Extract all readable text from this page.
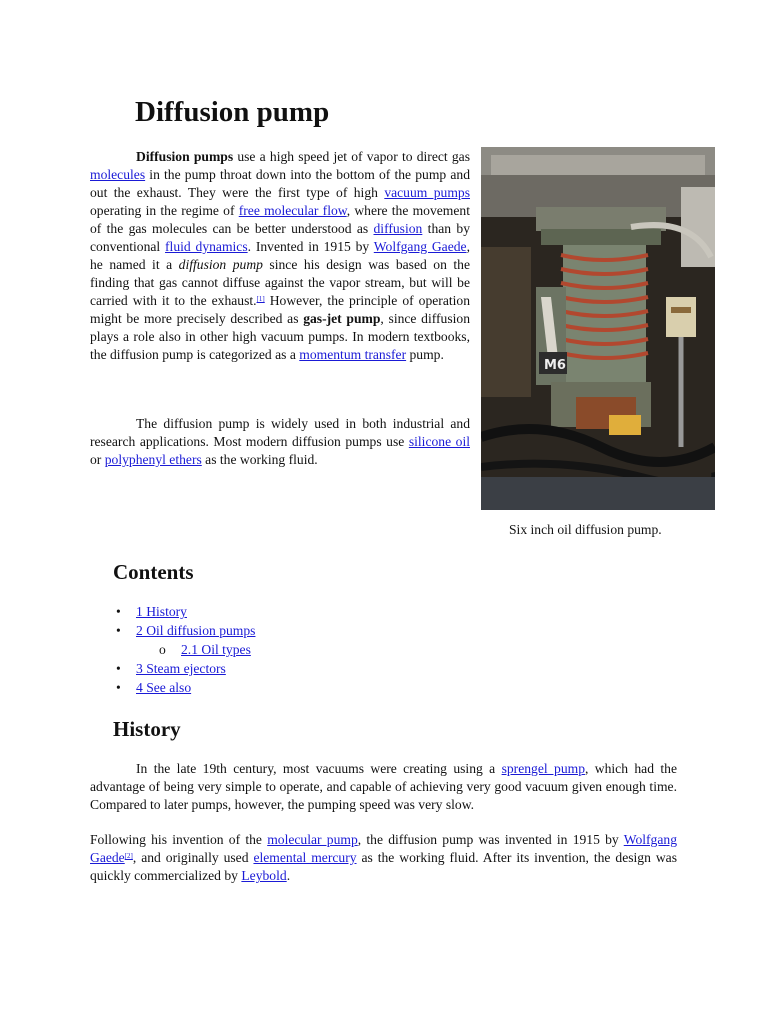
Diffusion pump

Diffusion pumps use a high speed jet of vapor to direct gas molecules in the pump throat down into the bottom of the pump and out the exhaust. They were the first type of high vacuum pumps operating in the regime of free molecular flow, where the movement of the gas molecules can be better understood as diffusion than by conventional fluid dynamics. Invented in 1915 by Wolfgang Gaede, he named it a diffusion pump since his design was based on the finding that gas cannot diffuse against the vapor stream, but will be carried with it to the exhaust.[1] However, the principle of operation might be more precisely described as gas-jet pump, since diffusion plays a role also in other high vacuum pumps. In modern textbooks, the diffusion pump is categorized as a momentum transfer pump.

The diffusion pump is widely used in both industrial and research applications. Most modern diffusion pumps use silicone oil or polyphenyl ethers as the working fluid.

M6
Six inch oil diffusion pump.
Contents
• 1 History
• 2 Oil diffusion pumps
o 2.1 Oil types
• 3 Steam ejectors
• 4 See also
History

In the late 19th century, most vacuums were creating using a sprengel pump, which had the advantage of being very simple to operate, and capable of achieving very good vacuum given enough time. Compared to later pumps, however, the pumping speed was very slow.

Following his invention of the molecular pump, the diffusion pump was invented in 1915 by Wolfgang Gaede[2], and originally used elemental mercury as the working fluid. After its invention, the design was quickly commercialized by Leybold.
